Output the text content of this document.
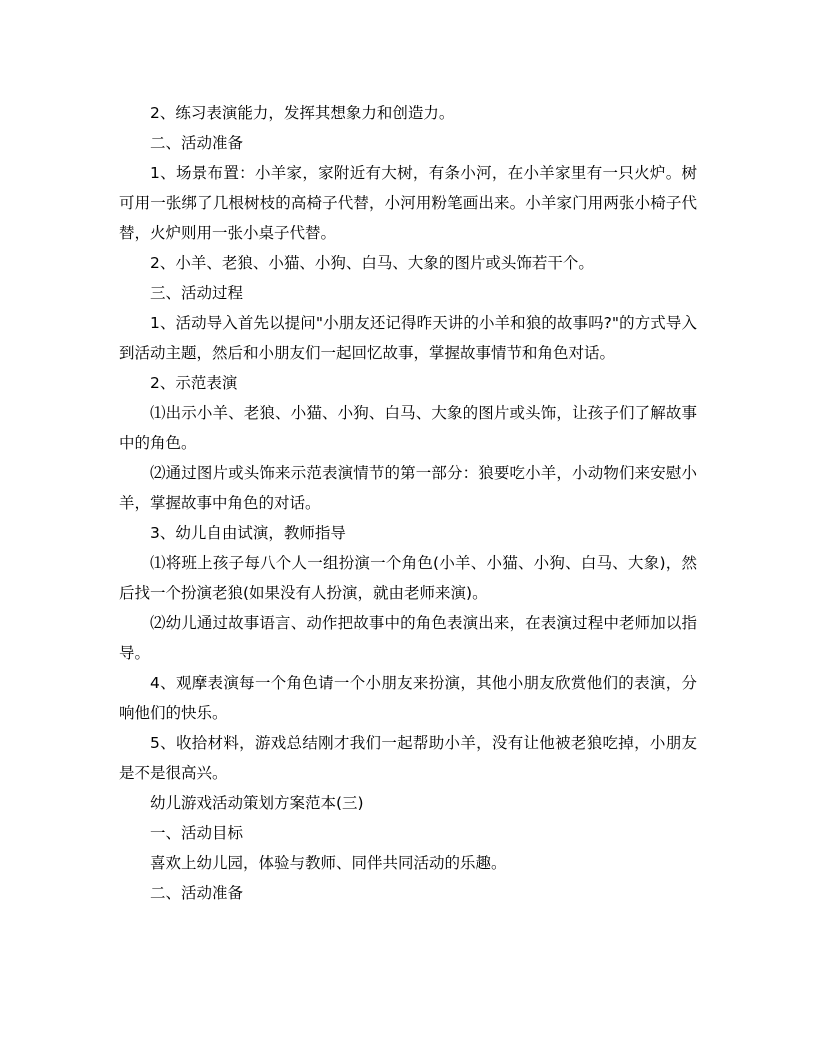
2、练习表演能力，发挥其想象力和创造力。

二、活动准备

1、场景布置：小羊家，家附近有大树，有条小河，在小羊家里有一只火炉。树可用一张绑了几根树枝的高椅子代替，小河用粉笔画出来。小羊家门用两张小椅子代替，火炉则用一张小桌子代替。

2、小羊、老狼、小猫、小狗、白马、大象的图片或头饰若干个。

三、活动过程

1、活动导入首先以提问"小朋友还记得昨天讲的小羊和狼的故事吗?"的方式导入到活动主题，然后和小朋友们一起回忆故事，掌握故事情节和角色对话。

2、示范表演

⑴出示小羊、老狼、小猫、小狗、白马、大象的图片或头饰，让孩子们了解故事中的角色。

⑵通过图片或头饰来示范表演情节的第一部分：狼要吃小羊，小动物们来安慰小羊，掌握故事中角色的对话。

3、幼儿自由试演，教师指导

⑴将班上孩子每八个人一组扮演一个角色(小羊、小猫、小狗、白马、大象)，然后找一个扮演老狼(如果没有人扮演，就由老师来演)。

⑵幼儿通过故事语言、动作把故事中的角色表演出来，在表演过程中老师加以指导。

4、观摩表演每一个角色请一个小朋友来扮演，其他小朋友欣赏他们的表演，分响他们的快乐。

5、收拾材料，游戏总结刚才我们一起帮助小羊，没有让他被老狼吃掉，小朋友是不是很高兴。

幼儿游戏活动策划方案范本(三)

一、活动目标

喜欢上幼儿园，体验与教师、同伴共同活动的乐趣。

二、活动准备
